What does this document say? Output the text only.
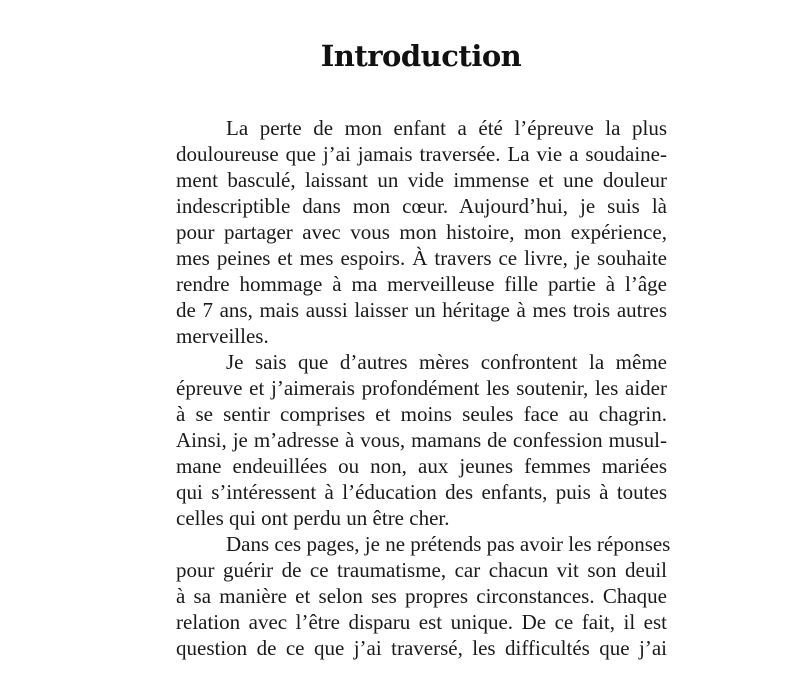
Introduction
La perte de mon enfant a été l’épreuve la plus
douloureuse que j’ai jamais traversée. La vie a soudaine-
ment basculé, laissant un vide immense et une douleur
indescriptible dans mon cœur. Aujourd’hui, je suis là
pour partager avec vous mon histoire, mon expérience,
mes peines et mes espoirs. À travers ce livre, je souhaite
rendre hommage à ma merveilleuse fille partie à l’âge
de 7 ans, mais aussi laisser un héritage à mes trois autres
merveilles.
Je sais que d’autres mères confrontent la même
épreuve et j’aimerais profondément les soutenir, les aider
à se sentir comprises et moins seules face au chagrin.
Ainsi, je m’adresse à vous, mamans de confession musul-
mane endeuillées ou non, aux jeunes femmes mariées
qui s’intéressent à l’éducation des enfants, puis à toutes
celles qui ont perdu un être cher.
Dans ces pages, je ne prétends pas avoir les réponses
pour guérir de ce traumatisme, car chacun vit son deuil
à sa manière et selon ses propres circonstances. Chaque
relation avec l’être disparu est unique. De ce fait, il est
question de ce que j’ai traversé, les difficultés que j’ai
